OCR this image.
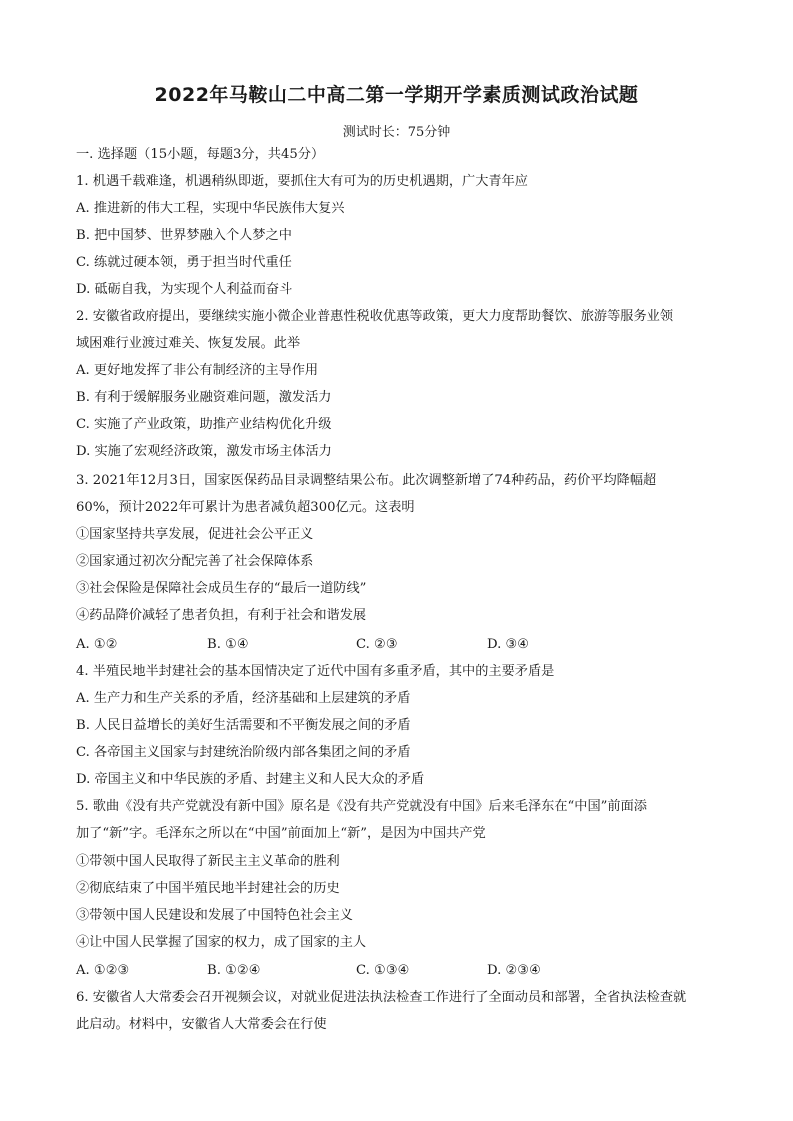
2022年马鞍山二中高二第一学期开学素质测试政治试题
测试时长：75分钟
一. 选择题（15小题，每题3分，共45分）
1. 机遇千载难逢，机遇稍纵即逝，要抓住大有可为的历史机遇期，广大青年应
A. 推进新的伟大工程，实现中华民族伟大复兴
B. 把中国梦、世界梦融入个人梦之中
C. 练就过硬本领，勇于担当时代重任
D. 砥砺自我，为实现个人利益而奋斗
2. 安徽省政府提出，要继续实施小微企业普惠性税收优惠等政策，更大力度帮助餐饮、旅游等服务业领
域困难行业渡过难关、恢复发展。此举
A. 更好地发挥了非公有制经济的主导作用
B. 有利于缓解服务业融资难问题，激发活力
C. 实施了产业政策，助推产业结构优化升级
D. 实施了宏观经济政策，激发市场主体活力
3. 2021年12月3日，国家医保药品目录调整结果公布。此次调整新增了74种药品，药价平均降幅超
60%，预计2022年可累计为患者减负超300亿元。这表明
①国家坚持共享发展，促进社会公平正义
②国家通过初次分配完善了社会保障体系
③社会保险是保障社会成员生存的“最后一道防线”
④药品降价减轻了患者负担，有利于社会和谐发展
A. ①②	B. ①④	C. ②③	D. ③④
4. 半殖民地半封建社会的基本国情决定了近代中国有多重矛盾，其中的主要矛盾是
A. 生产力和生产关系的矛盾，经济基础和上层建筑的矛盾
B. 人民日益增长的美好生活需要和不平衡发展之间的矛盾
C. 各帝国主义国家与封建统治阶级内部各集团之间的矛盾
D. 帝国主义和中华民族的矛盾、封建主义和人民大众的矛盾
5. 歌曲《没有共产党就没有新中国》原名是《没有共产党就没有中国》后来毛泽东在“中国”前面添
加了“新”字。毛泽东之所以在“中国”前面加上“新”，是因为中国共产党
①带领中国人民取得了新民主主义革命的胜利
②彻底结束了中国半殖民地半封建社会的历史
③带领中国人民建设和发展了中国特色社会主义
④让中国人民掌握了国家的权力，成了国家的主人
A. ①②③	B. ①②④	C. ①③④	D. ②③④
6. 安徽省人大常委会召开视频会议，对就业促进法执法检查工作进行了全面动员和部署，全省执法检查就
此启动。材料中，安徽省人大常委会在行使
